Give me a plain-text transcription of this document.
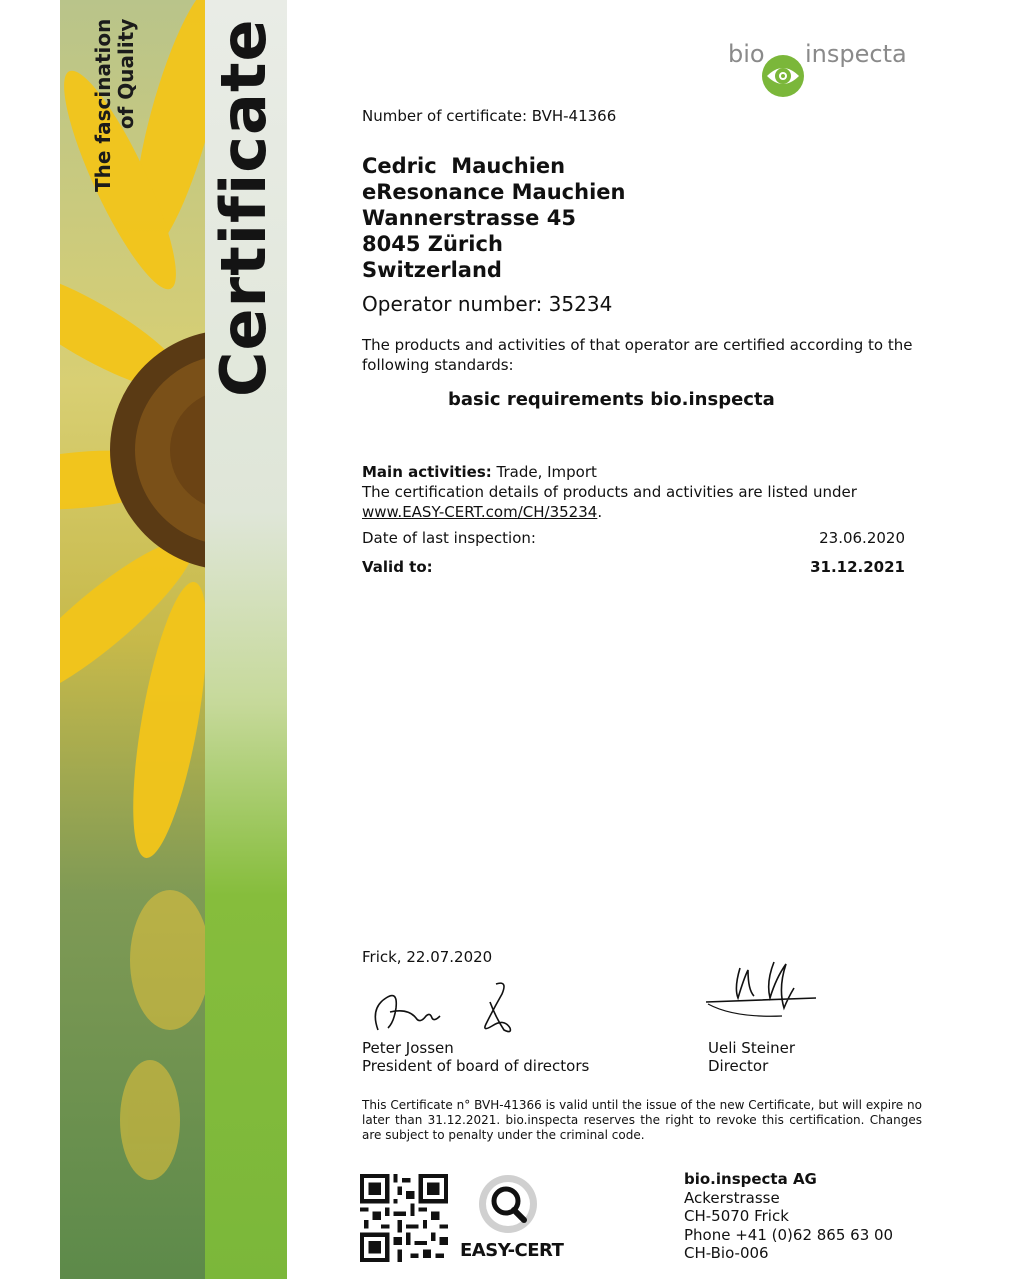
The fascination of Quality Certificate	bio inspecta
Number of certificate: BVH-41366
Cedric  Mauchien
eResonance Mauchien
Wannerstrasse 45
8045 Zürich
Switzerland
Operator number: 35234
The products and activities of that operator are certified according to the following standards:
basic requirements bio.inspecta
Main activities: Trade, Import
The certification details of products and activities are listed under
www.EASY-CERT.com/CH/35234.
Date of last inspection:	23.06.2020
Valid to:	31.12.2021
Frick, 22.07.2020
Peter Jossen
President of board of directors
Ueli Steiner
Director
This Certificate n° BVH-41366 is valid until the issue of the new Certificate, but will expire no later than 31.12.2021. bio.inspecta reserves the right to revoke this certification. Changes are subject to penalty under the criminal code.
EASY-CERT
bio.inspecta AG
Ackerstrasse
CH-5070 Frick
Phone +41 (0)62 865 63 00
CH-Bio-006
